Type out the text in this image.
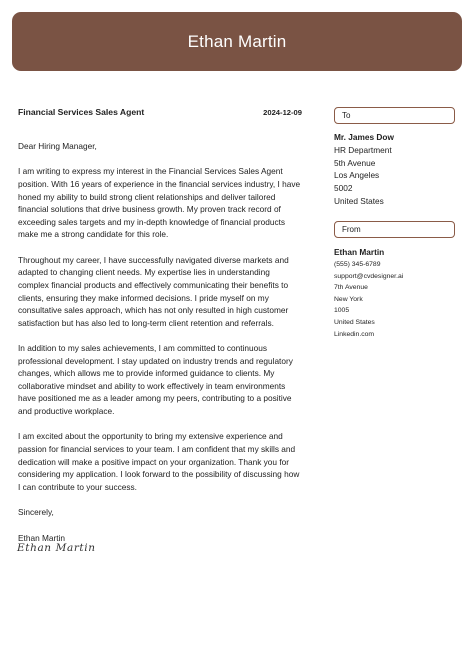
Ethan Martin
Financial Services Sales Agent	2024-12-09

Dear Hiring Manager,

I am writing to express my interest in the Financial Services Sales Agent position. With 16 years of experience in the financial services industry, I have honed my ability to build strong client relationships and deliver tailored financial solutions that drive business growth. My proven track record of exceeding sales targets and my in-depth knowledge of financial products make me a strong candidate for this role.

Throughout my career, I have successfully navigated diverse markets and adapted to changing client needs. My expertise lies in understanding complex financial products and effectively communicating their benefits to clients, ensuring they make informed decisions. I pride myself on my consultative sales approach, which has not only resulted in high customer satisfaction but has also led to long-term client retention and referrals.

In addition to my sales achievements, I am committed to continuous professional development. I stay updated on industry trends and regulatory changes, which allows me to provide informed guidance to clients. My collaborative mindset and ability to work effectively in team environments have positioned me as a leader among my peers, contributing to a positive and productive workplace.

I am excited about the opportunity to bring my extensive experience and passion for financial services to your team. I am confident that my skills and dedication will make a positive impact on your organization. Thank you for considering my application. I look forward to the possibility of discussing how I can contribute to your success.

Sincerely,

Ethan Martin

Ethan Martin
To
Mr. James Dow
HR Department
5th Avenue
Los Angeles
5002
United States
From
Ethan Martin
(555) 345-6789
support@cvdesigner.ai
7th Avenue
New York
1005
United States
Linkedin.com
